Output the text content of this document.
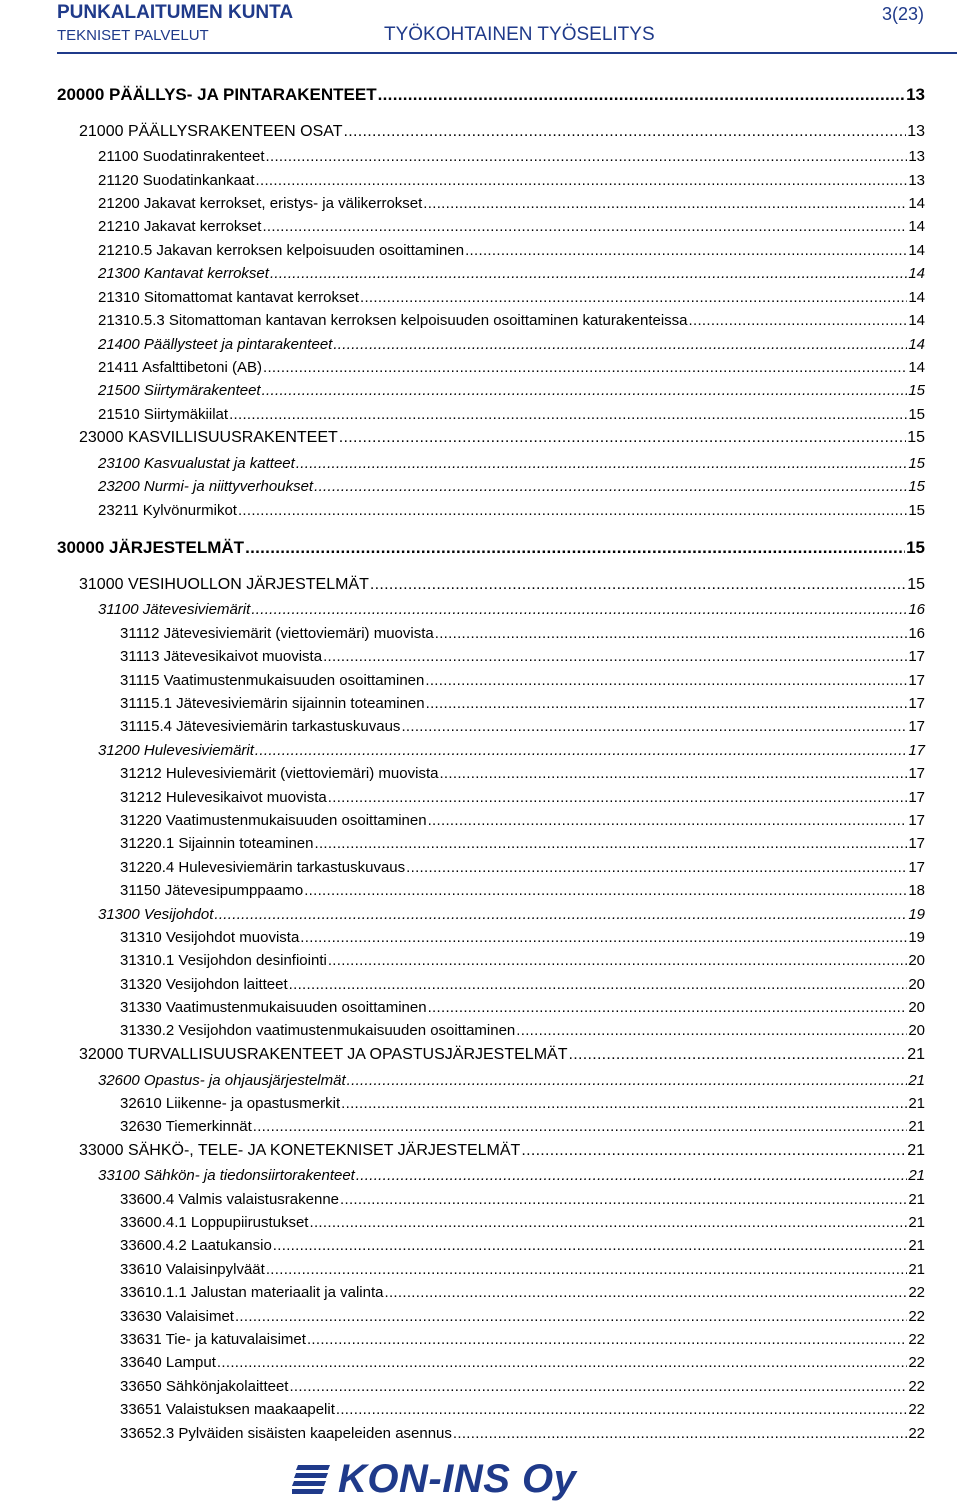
PUNKALAITUMEN KUNTA
TEKNISET PALVELUT	TYÖKOHTAINEN TYÖSELITYS
3(23)
20000 PÄÄLLYS- JA PINTARAKENTEET .....	13
21000 PÄÄLLYSRAKENTEEN OSAT .....	13
21100 Suodatinrakenteet .....	13
21120 Suodatinkankaat .....	13
21200 Jakavat kerrokset, eristys- ja välikerrokset .....	14
21210 Jakavat kerrokset .....	14
21210.5 Jakavan kerroksen kelpoisuuden osoittaminen .....	14
21300 Kantavat kerrokset .....	14
21310 Sitomattomat kantavat kerrokset .....	14
21310.5.3 Sitomattoman kantavan kerroksen kelpoisuuden osoittaminen katurakenteissa .....	14
21400 Päällysteet ja pintarakenteet .....	14
21411 Asfalttibetoni (AB) .....	14
21500 Siirtymärakenteet .....	15
21510 Siirtymäkiilat .....	15
23000 KASVILLISUUSRAKENTEET .....	15
23100 Kasvualustat ja katteet .....	15
23200 Nurmi- ja niittyverhoukset .....	15
23211 Kylvönurmikot .....	15
30000 JÄRJESTELMÄT .....	15
31000 VESIHUOLLON JÄRJESTELMÄT .....	15
31100 Jätevesiviemärit .....	16
31112 Jätevesiviemärit (viettoviemäri) muovista .....	16
31113 Jätevesikaivot muovista .....	17
31115 Vaatimustenmukaisuuden osoittaminen .....	17
31115.1 Jätevesiviemärin sijainnin toteaminen .....	17
31115.4 Jätevesiviemärin tarkastuskuvaus .....	17
31200 Hulevesiviemärit .....	17
31212 Hulevesiviemärit (viettoviemäri) muovista .....	17
31212 Hulevesikaivot muovista .....	17
31220 Vaatimustenmukaisuuden osoittaminen .....	17
31220.1 Sijainnin toteaminen .....	17
31220.4 Hulevesiviemärin tarkastuskuvaus .....	17
31150 Jätevesipumppaamo .....	18
31300 Vesijohdot .....	19
31310 Vesijohdot muovista .....	19
31310.1 Vesijohdon desinfiointi .....	20
31320 Vesijohdon laitteet .....	20
31330 Vaatimustenmukaisuuden osoittaminen .....	20
31330.2 Vesijohdon vaatimustenmukaisuuden osoittaminen .....	20
32000 TURVALLISUUSRAKENTEET JA OPASTUSJÄRJESTELMÄT .....	21
32600 Opastus- ja ohjausjärjestelmät .....	21
32610 Liikenne- ja opastusmerkit .....	21
32630 Tiemerkinnät .....	21
33000 SÄHKÖ-, TELE- JA KONETEKNISET JÄRJESTELMÄT .....	21
33100 Sähkön- ja tiedonsiirtorakenteet .....	21
33600.4 Valmis valaistusrakenne .....	21
33600.4.1 Loppupiirustukset .....	21
33600.4.2 Laatukansio .....	21
33610 Valaisinpylväät .....	21
33610.1.1 Jalustan materiaalit ja valinta .....	22
33630 Valaisimet .....	22
33631 Tie- ja katuvalaisimet .....	22
33640 Lamput .....	22
33650 Sähkönjakolaitteet .....	22
33651 Valaistuksen maakaapelit .....	22
33652.3 Pylväiden sisäisten kaapeleiden asennus .....	22
KON-INS Oy
